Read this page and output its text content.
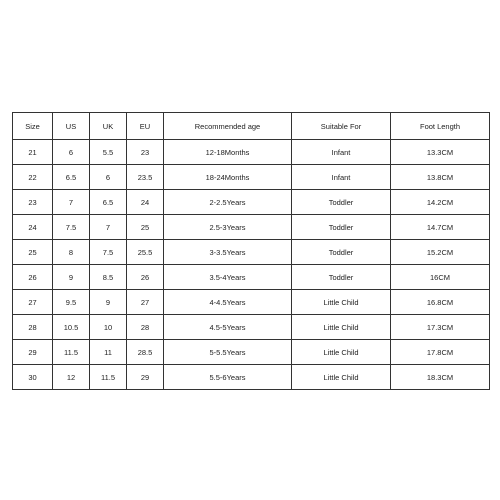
Size	US	UK	EU	Recommended age	Suitable For	Foot Length
21	6	5.5	23	12-18Months	Infant	13.3CM
22	6.5	6	23.5	18-24Months	Infant	13.8CM
23	7	6.5	24	2-2.5Years	Toddler	14.2CM
24	7.5	7	25	2.5-3Years	Toddler	14.7CM
25	8	7.5	25.5	3-3.5Years	Toddler	15.2CM
26	9	8.5	26	3.5-4Years	Toddler	16CM
27	9.5	9	27	4-4.5Years	Little Child	16.8CM
28	10.5	10	28	4.5-5Years	Little Child	17.3CM
29	11.5	11	28.5	5-5.5Years	Little Child	17.8CM
30	12	11.5	29	5.5-6Years	Little Child	18.3CM
